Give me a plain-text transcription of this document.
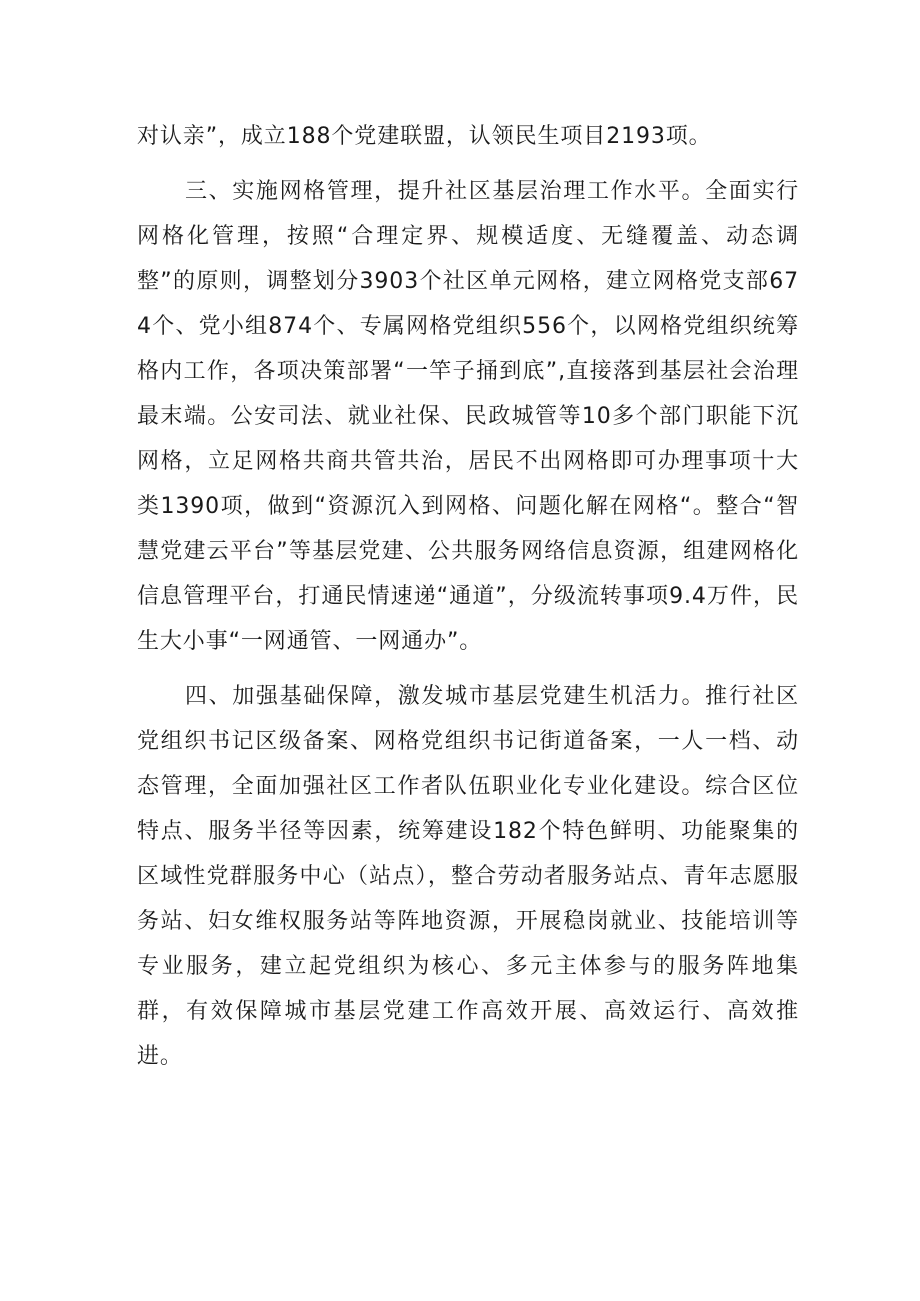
对认亲”，成立188个党建联盟，认领民生项目2193项。

三、实施网格管理，提升社区基层治理工作水平。全面实行网格化管理，按照“合理定界、规模适度、无缝覆盖、动态调整”的原则，调整划分3903个社区单元网格，建立网格党支部674个、党小组874个、专属网格党组织556个，以网格党组织统筹格内工作，各项决策部署“一竿子捅到底”,直接落到基层社会治理最末端。公安司法、就业社保、民政城管等10多个部门职能下沉网格，立足网格共商共管共治，居民不出网格即可办理事项十大类1390项，做到“资源沉入到网格、问题化解在网格“。整合“智慧党建云平台”等基层党建、公共服务网络信息资源，组建网格化信息管理平台，打通民情速递“通道”，分级流转事项9.4万件，民生大小事“一网通管、一网通办”。

四、加强基础保障，激发城市基层党建生机活力。推行社区党组织书记区级备案、网格党组织书记街道备案，一人一档、动态管理，全面加强社区工作者队伍职业化专业化建设。综合区位特点、服务半径等因素，统筹建设182个特色鲜明、功能聚集的区域性党群服务中心（站点），整合劳动者服务站点、青年志愿服务站、妇女维权服务站等阵地资源，开展稳岗就业、技能培训等专业服务，建立起党组织为核心、多元主体参与的服务阵地集群，有效保障城市基层党建工作高效开展、高效运行、高效推进。
